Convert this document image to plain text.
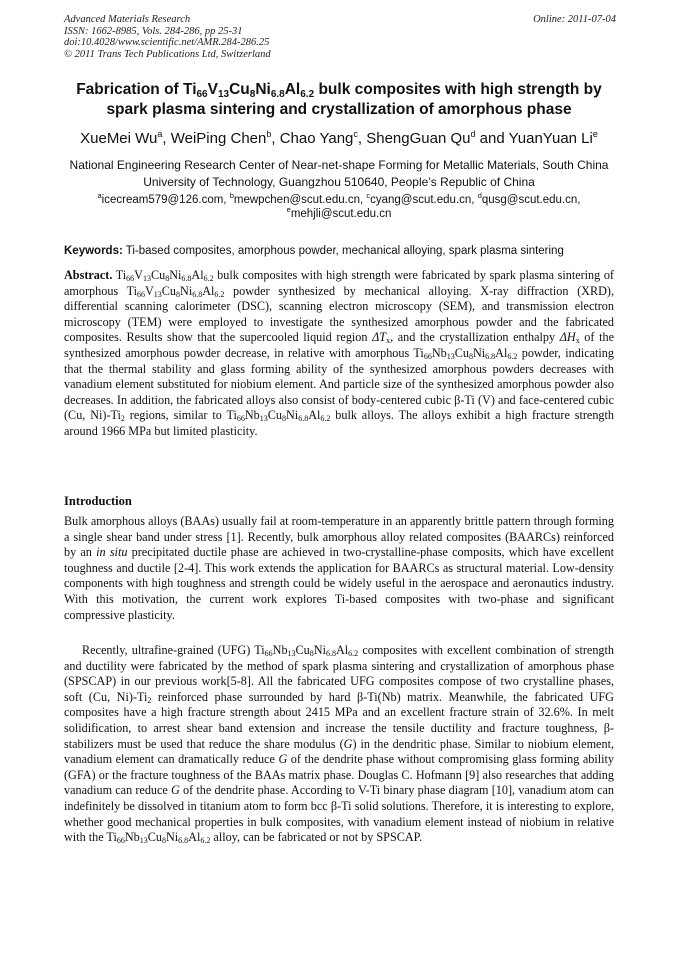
Advanced Materials Research
ISSN: 1662-8985, Vols. 284-286, pp 25-31
doi:10.4028/www.scientific.net/AMR.284-286.25
© 2011 Trans Tech Publications Ltd, Switzerland
Online: 2011-07-04
Fabrication of $Ti_{66}V_{13}Cu_8Ni_{6.8}Al_{6.2}$ bulk composites with high strength by
spark plasma sintering and crystallization of amorphous phase
XueMei Wu$^a$, WeiPing Chen$^b$, Chao Yang$^c$, ShengGuan Qu$^d$ and YuanYuan Li$^e$
National Engineering Research Center of Near-net-shape Forming for Metallic Materials, South China University of Technology, Guangzhou 510640, People’s Republic of China
$^a$icecream579@126.com, $^b$mewpchen@scut.edu.cn, $^c$cyang@scut.edu.cn, $^d$qusg@scut.edu.cn,
$^e$mehjli@scut.edu.cn
Keywords: Ti-based composites, amorphous powder, mechanical alloying, spark plasma sintering
Abstract. $Ti_{66}V_{13}Cu_8Ni_{6.8}Al_{6.2}$ bulk composites with high strength were fabricated by spark plasma sintering of amorphous $Ti_{66}V_{13}Cu_8Ni_{6.8}Al_{6.2}$ powder synthesized by mechanical alloying. X-ray diffraction (XRD), differential scanning calorimeter (DSC), scanning electron microscopy (SEM), and transmission electron microscopy (TEM) were employed to investigate the synthesized amorphous powder and the fabricated composites. Results show that the supercooled liquid region $\Delta T_x$, and the crystallization enthalpy $\Delta H_x$ of the synthesized amorphous powder decrease, in relative with amorphous $Ti_{66}Nb_{13}Cu_8Ni_{6.8}Al_{6.2}$ powder, indicating that the thermal stability and glass forming ability of the synthesized amorphous powders decreases with vanadium element substituted for niobium element. And particle size of the synthesized amorphous powder also decreases. In addition, the fabricated alloys also consist of body-centered cubic β-Ti (V) and face-centered cubic (Cu, $Ni)-Ti_2$ regions, similar to $Ti_{66}Nb_{13}Cu_8Ni_{6.8}Al_{6.2}$ bulk alloys. The alloys exhibit a high fracture strength around 1966 MPa but limited plasticity.
Introduction
Bulk amorphous alloys (BAAs) usually fail at room-temperature in an apparently brittle pattern through forming a single shear band under stress [1]. Recently, bulk amorphous alloy related composites (BAARCs) reinforced by an in situ precipitated ductile phase are achieved in two-crystalline-phase composits, which have excellent toughness and ductile [2-4]. This work extends the application for BAARCs as structural material. Low-density components with high toughness and strength could be widely useful in the aerospace and aeronautics industry. With this motivation, the current work explores Ti-based composites with two-phase and significant compressive plasticity.
Recently, ultrafine-grained (UFG) $Ti_{66}Nb_{13}Cu_8Ni_{6.8}Al_{6.2}$ composites with excellent combination of strength and ductility were fabricated by the method of spark plasma sintering and crystallization of amorphous phase (SPSCAP) in our previous work[5-8]. All the fabricated UFG composites compose of two crystalline phases, soft (Cu, $Ni)-Ti_2$ reinforced phase surrounded by hard β-Ti(Nb) matrix. Meanwhile, the fabricated UFG composites have a high fracture strength about 2415 MPa and an excellent fracture strain of 32.6%. In melt solidification, to arrest shear band extension and increase the tensile ductility and fracture toughness, β-stabilizers must be used that reduce the share modulus (G) in the dendritic phase. Similar to niobium element, vanadium element can dramatically reduce G of the dendrite phase without compromising glass forming ability (GFA) or the fracture toughness of the BAAs matrix phase. Douglas C. Hofmann [9] also researches that adding vanadium can reduce G of the dendrite phase. According to V-Ti binary phase diagram [10], vanadium atom can indefinitely be dissolved in titanium atom to form bcc β-Ti solid solutions. Therefore, it is interesting to explore, whether good mechanical properties in bulk composites, with vanadium element instead of niobium in relative with the $Ti_{66}Nb_{13}Cu_8Ni_{6.8}Al_{6.2}$ alloy, can be fabricated or not by SPSCAP.
